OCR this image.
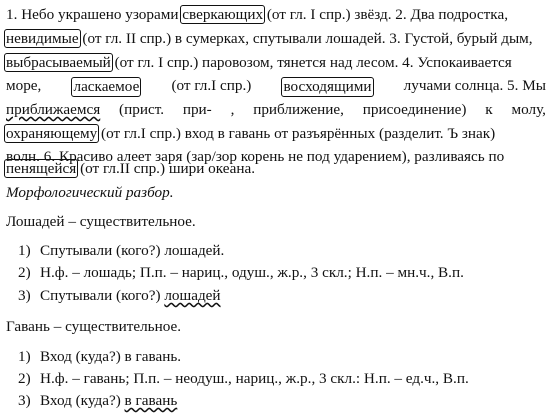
1. Небо украшено узорами сверкающих (от гл. I спр.) звёзд. 2. Два подростка,
невидимые (от гл. II спр.) в сумерках, спутывали лошадей. 3. Густой, бурый дым,
выбрасываемый (от гл. I спр.) паровозом, тянется над лесом. 4. Успокаивается
море, ласкаемое (от гл.I спр.) восходящими лучами солнца. 5. Мы
приближаемся (прист. при- , приближение, присоединение) к молу,
охраняющему (от гл.I спр.) вход в гавань от разъярённых (разделит. Ъ знак)
волн. 6. Красиво алеет заря (зар/зор корень не под ударением), разливаясь по
пенящейся (от гл.II спр.) шири океана.
Морфологический разбор.
Лошадей – существительное.
1) Спутывали (кого?) лошадей.
2) Н.ф. – лошадь; П.п. – нариц., одуш., ж.р., 3 скл.; Н.п. – мн.ч., В.п.
3) Спутывали (кого?) лошадей
Гавань – существительное.
1) Вход (куда?) в гавань.
2) Н.ф. – гавань; П.п. – неодуш., нариц., ж.р., 3 скл.: Н.п. – ед.ч., В.п.
3) Вход (куда?) в гавань
